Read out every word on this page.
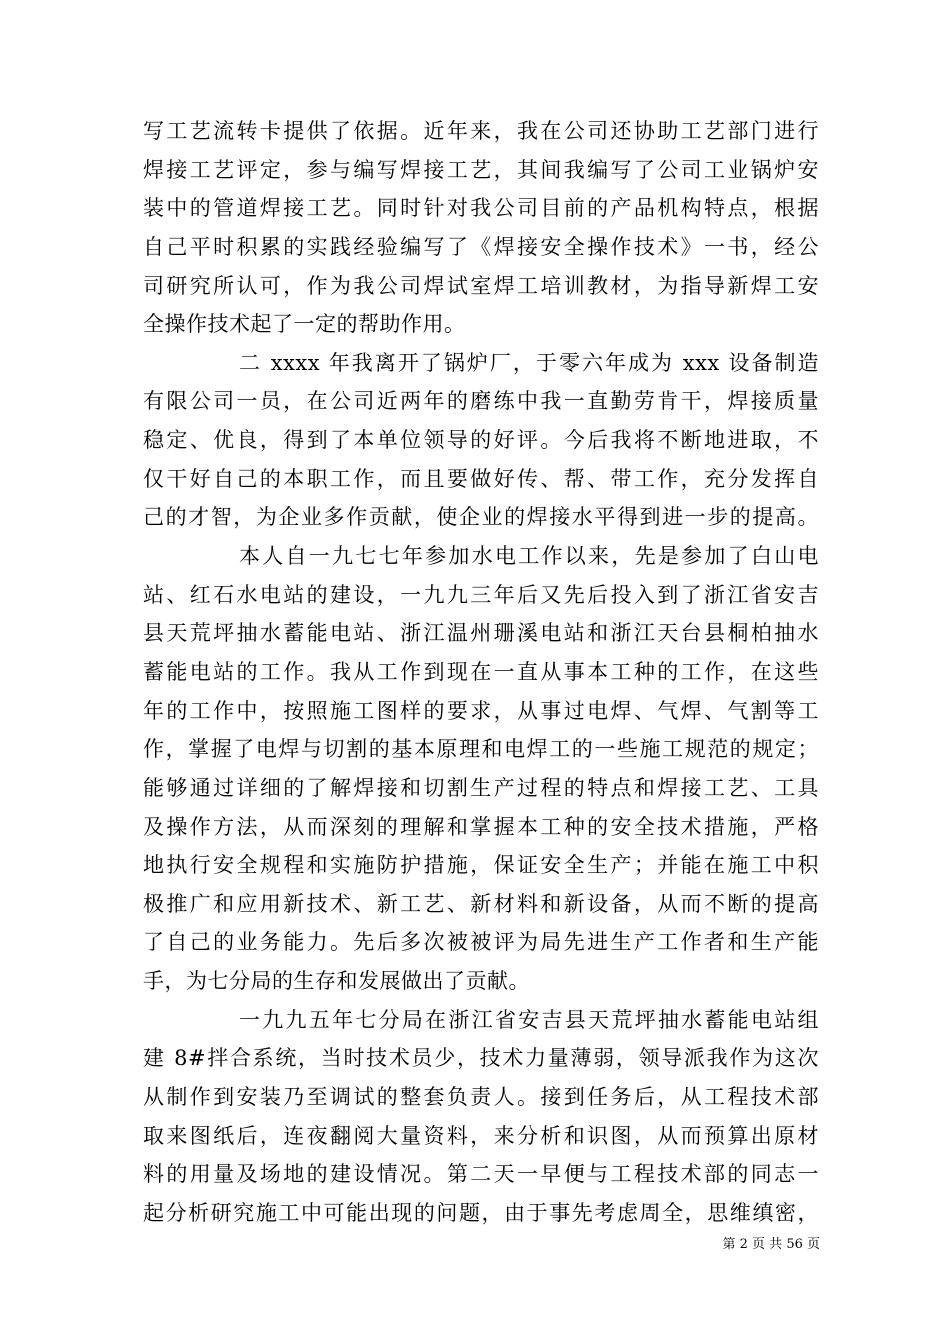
写工艺流转卡提供了依据。近年来，我在公司还协助工艺部门进行
焊接工艺评定，参与编写焊接工艺，其间我编写了公司工业锅炉安
装中的管道焊接工艺。同时针对我公司目前的产品机构特点，根据
自己平时积累的实践经验编写了《焊接安全操作技术》一书，经公
司研究所认可，作为我公司焊试室焊工培训教材，为指导新焊工安
全操作技术起了一定的帮助作用。
二 xxxx 年我离开了锅炉厂，于零六年成为 xxx 设备制造
有限公司一员，在公司近两年的磨练中我一直勤劳肯干，焊接质量
稳定、优良，得到了本单位领导的好评。今后我将不断地进取，不
仅干好自己的本职工作，而且要做好传、帮、带工作，充分发挥自
己的才智，为企业多作贡献，使企业的焊接水平得到进一步的提高。
本人自一九七七年参加水电工作以来，先是参加了白山电
站、红石水电站的建设，一九九三年后又先后投入到了浙江省安吉
县天荒坪抽水蓄能电站、浙江温州珊溪电站和浙江天台县桐柏抽水
蓄能电站的工作。我从工作到现在一直从事本工种的工作，在这些
年的工作中，按照施工图样的要求，从事过电焊、气焊、气割等工
作，掌握了电焊与切割的基本原理和电焊工的一些施工规范的规定；
能够通过详细的了解焊接和切割生产过程的特点和焊接工艺、工具
及操作方法，从而深刻的理解和掌握本工种的安全技术措施，严格
地执行安全规程和实施防护措施，保证安全生产；并能在施工中积
极推广和应用新技术、新工艺、新材料和新设备，从而不断的提高
了自己的业务能力。先后多次被被评为局先进生产工作者和生产能
手，为七分局的生存和发展做出了贡献。
一九九五年七分局在浙江省安吉县天荒坪抽水蓄能电站组
建 8#拌合系统，当时技术员少，技术力量薄弱，领导派我作为这次
从制作到安装乃至调试的整套负责人。接到任务后，从工程技术部
取来图纸后，连夜翻阅大量资料，来分析和识图，从而预算出原材
料的用量及场地的建设情况。第二天一早便与工程技术部的同志一
起分析研究施工中可能出现的问题，由于事先考虑周全，思维缜密，
第 2 页 共 56 页
